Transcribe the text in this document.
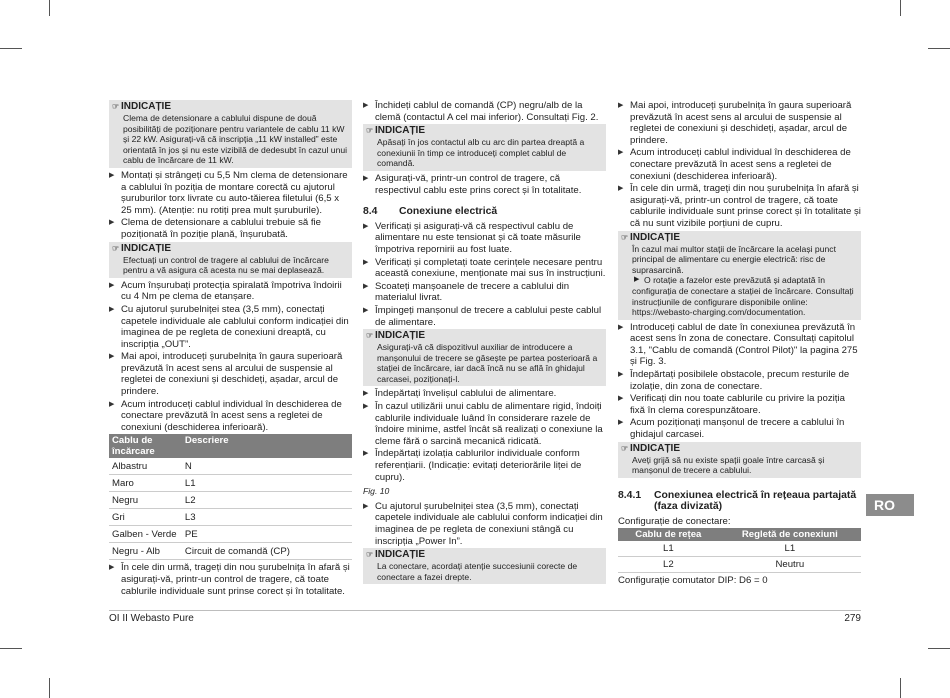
☞ INDICAȚIE
Clema de detensionare a cablului dispune de două posibilități de poziționare pentru variantele de cablu 11 kW și 22 kW. Asigurați-vă că inscripția „11 kW installed” este orientată în jos și nu este vizibilă de dedesubt în cazul unui cablu de încărcare de 11 kW.
▶ Montați și strângeți cu 5,5 Nm clema de detensionare a cablului în poziția de montare corectă cu ajutorul șuruburilor torx livrate cu auto-tăierea filetului (6,5 x 25 mm). (Atenție: nu rotiți prea mult șuruburile).
▶ Clema de detensionare a cablului trebuie să fie poziționată în poziție plană, înșurubată.
☞ INDICAȚIE
Efectuați un control de tragere al cablului de încărcare pentru a vă asigura că acesta nu se mai deplasează.
▶ Acum înșurubați protecția spiralată împotriva îndoirii cu 4 Nm pe clema de etanșare.
▶ Cu ajutorul șurubelniței stea (3,5 mm), conectați capetele individuale ale cablului conform indicației din imaginea de pe regleta de conexiuni dreaptă, cu inscripția „OUT”.
▶ Mai apoi, introduceți șurubelnița în gaura superioară prevăzută în acest sens al arcului de suspensie al regletei de conexiuni și deschideți, așadar, arcul de prindere.
▶ Acum introduceți cablul individual în deschiderea de conectare prevăzută în acest sens a regletei de conexiuni (deschiderea inferioară).
Cablu de încărcare	Descriere
Albastru	N
Maro	L1
Negru	L2
Gri	L3
Galben - Verde	PE
Negru - Alb	Circuit de comandă (CP)
▶ În cele din urmă, trageți din nou șurubelnița în afară și asigurați-vă, printr-un control de tragere, că toate cablurile individuale sunt prinse corect și în totalitate.
▶ Închideți cablul de comandă (CP) negru/alb de la clemă (contactul A cel mai inferior). Consultați Fig. 2.
☞ INDICAȚIE
Apăsați în jos contactul alb cu arc din partea dreaptă a conexiunii în timp ce introduceți complet cablul de comandă.
▶ Asigurați-vă, printr-un control de tragere, că respectivul cablu este prins corect și în totalitate.
8.4 Conexiune electrică
▶ Verificați și asigurați-vă că respectivul cablu de alimentare nu este tensionat și că toate măsurile împotriva repornirii au fost luate.
▶ Verificați și completați toate cerințele necesare pentru această conexiune, menționate mai sus în instrucțiuni.
▶ Scoateți manșoanele de trecere a cablului din materialul livrat.
▶ Împingeți manșonul de trecere a cablului peste cablul de alimentare.
☞ INDICAȚIE
Asigurați-vă că dispozitivul auxiliar de introducere a manșonului de trecere se găsește pe partea posterioară a stației de încărcare, iar dacă încă nu se află în ghidajul carcasei, poziționați-l.
▶ Îndepărtați învelișul cablului de alimentare.
▶ În cazul utilizării unui cablu de alimentare rigid, îndoiți cablurile individuale luând în considerare razele de îndoire minime, astfel încât să realizați o conexiune la cleme fără o sarcină mecanică ridicată.
▶ Îndepărtați izolația cablurilor individuale conform referențiarii. (Indicație: evitați deteriorările liței de cupru).
Fig. 10
▶ Cu ajutorul șurubelniței stea (3,5 mm), conectați capetele individuale ale cablului conform indicației din imaginea de pe regleta de conexiuni stângă cu inscripția „Power In”.
☞ INDICAȚIE
La conectare, acordați atenție succesiunii corecte de conectare a fazei drepte.
▶ Mai apoi, introduceți șurubelnița în gaura superioară prevăzută în acest sens al arcului de suspensie al regletei de conexiuni și deschideți, așadar, arcul de prindere.
▶ Acum introduceți cablul individual în deschiderea de conectare prevăzută în acest sens a regletei de conexiuni (deschiderea inferioară).
▶ În cele din urmă, trageți din nou șurubelnița în afară și asigurați-vă, printr-un control de tragere, că toate cablurile individuale sunt prinse corect și în totalitate și că nu sunt vizibile porțiuni de cupru.
☞ INDICAȚIE
În cazul mai multor stații de încărcare la același punct principal de alimentare cu energie electrică: risc de suprasarcină.
▶ O rotație a fazelor este prevăzută și adaptată în configurația de conectare a stației de încărcare. Consultați instrucțiunile de configurare disponibile online: https://webasto-charging.com/documentation.
▶ Introduceți cablul de date în conexiunea prevăzută în acest sens în zona de conectare. Consultați capitolul 3.1, "Cablu de comandă (Control Pilot)" la pagina 275 și Fig. 3.
▶ Îndepărtați posibilele obstacole, precum resturile de izolație, din zona de conectare.
▶ Verificați din nou toate cablurile cu privire la poziția fixă în clema corespunzătoare.
▶ Acum poziționați manșonul de trecere a cablului în ghidajul carcasei.
☞ INDICAȚIE
Aveți grijă să nu existe spații goale între carcasă și manșonul de trecere a cablului.
8.4.1	Conexiunea electrică în rețeaua partajată (faza divizată)
Configurație de conectare:
Cablu de rețea	Regletă de conexiuni
L1	L1
L2	Neutru
Configurație comutator DIP: D6 = 0
RO
OI II Webasto Pure	279
